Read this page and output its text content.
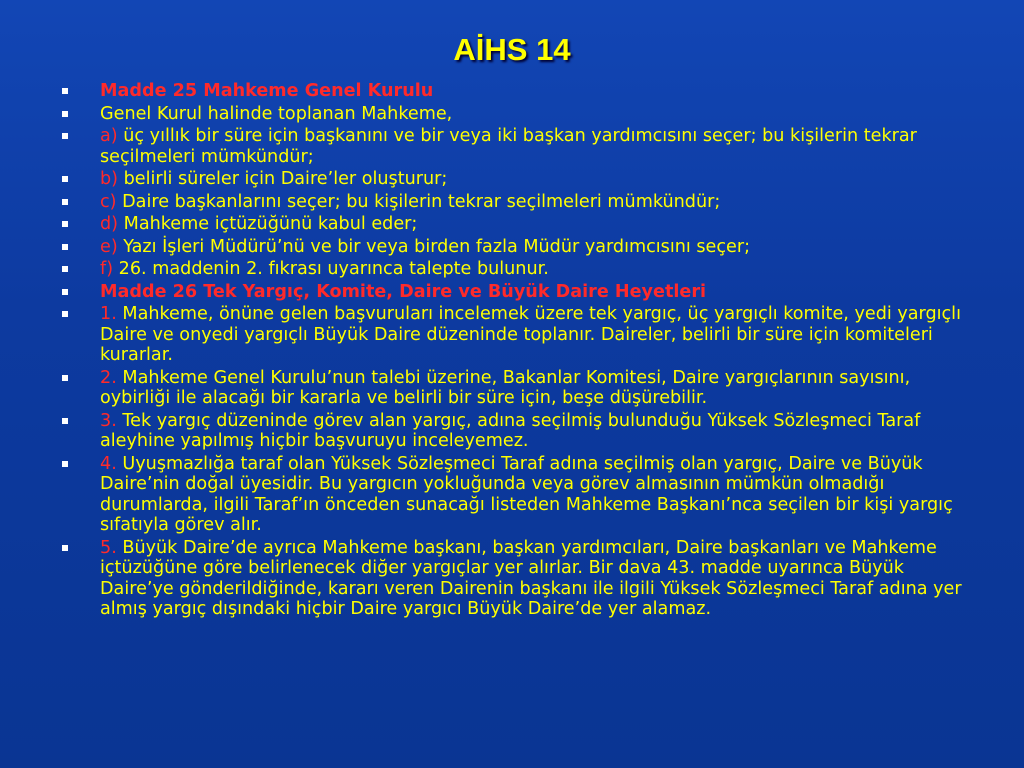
AİHS 14
Madde 25 Mahkeme Genel Kurulu
Genel Kurul halinde toplanan Mahkeme,
a) üç yıllık bir süre için başkanını ve bir veya iki başkan yardımcısını seçer; bu kişilerin tekrar seçilmeleri mümkündür;
b) belirli süreler için Daire’ler oluşturur;
c) Daire başkanlarını seçer; bu kişilerin tekrar seçilmeleri mümkündür;
d) Mahkeme içtüzüğünü kabul eder;
e) Yazı İşleri Müdürü’nü ve bir veya birden fazla Müdür yardımcısını seçer;
f) 26. maddenin 2. fıkrası uyarınca talepte bulunur.
Madde 26 Tek Yargıç, Komite, Daire ve Büyük Daire Heyetleri
1. Mahkeme, önüne gelen başvuruları incelemek üzere tek yargıç, üç yargıçlı komite, yedi yargıçlı Daire ve onyedi yargıçlı Büyük Daire düzeninde toplanır. Daireler, belirli bir süre için komiteleri kurarlar.
2. Mahkeme Genel Kurulu’nun talebi üzerine, Bakanlar Komitesi, Daire yargıçlarının sayısını, oybirliği ile alacağı bir kararla ve belirli bir süre için, beşe düşürebilir.
3. Tek yargıç düzeninde görev alan yargıç, adına seçilmiş bulunduğu Yüksek Sözleşmeci Taraf aleyhine yapılmış hiçbir başvuruyu inceleyemez.
4. Uyuşmazlığa taraf olan Yüksek Sözleşmeci Taraf adına seçilmiş olan yargıç, Daire ve Büyük Daire’nin doğal üyesidir. Bu yargıcın yokluğunda veya görev almasının mümkün olmadığı durumlarda, ilgili Taraf’ın önceden sunacağı listeden Mahkeme Başkanı’nca seçilen bir kişi yargıç sıfatıyla görev alır.
5. Büyük Daire’de ayrıca Mahkeme başkanı, başkan yardımcıları, Daire başkanları ve Mahkeme içtüzüğüne göre belirlenecek diğer yargıçlar yer alırlar. Bir dava 43. madde uyarınca Büyük Daire’ye gönderildiğinde, kararı veren Dairenin başkanı ile ilgili Yüksek Sözleşmeci Taraf adına yer almış yargıç dışındaki hiçbir Daire yargıcı Büyük Daire’de yer alamaz.
